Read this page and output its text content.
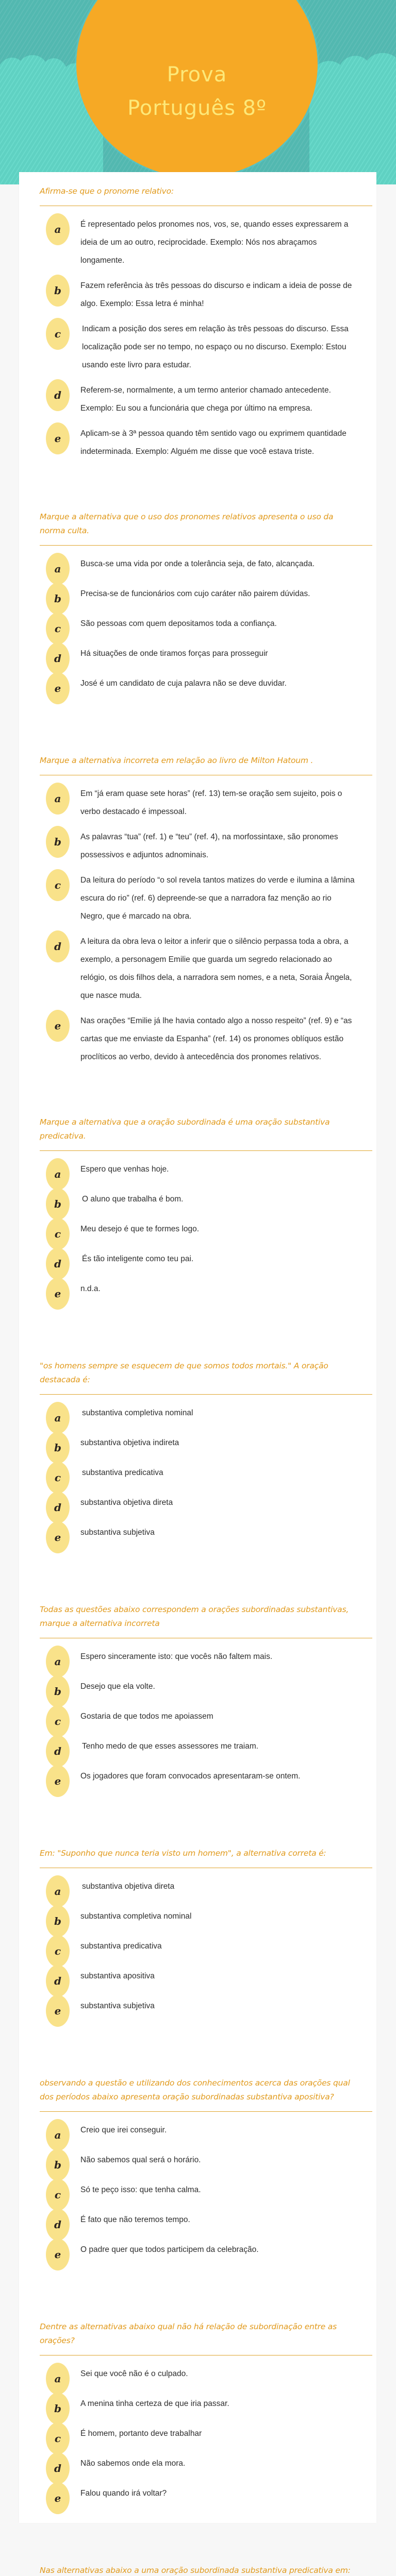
Prova
Português 8º
Afirma-se que o pronome relativo:
a	É representado pelos pronomes nos, vos, se, quando esses expressarem a ideia de um ao outro, reciprocidade. Exemplo: Nós nos abraçamos longamente.
b	Fazem referência às três pessoas do discurso e indicam a ideia de posse de algo. Exemplo: Essa letra é minha!
c	Indicam a posição dos seres em relação às três pessoas do discurso. Essa localização pode ser no tempo, no espaço ou no discurso. Exemplo: Estou usando este livro para estudar.
d	Referem-se, normalmente, a um termo anterior chamado antecedente. Exemplo: Eu sou a funcionária que chega por último na empresa.
e	Aplicam-se à 3ª pessoa quando têm sentido vago ou exprimem quantidade indeterminada. Exemplo: Alguém me disse que você estava triste.
Marque a alternativa que o uso dos pronomes relativos apresenta o uso da norma culta.
a	Busca-se uma vida por onde a tolerância seja, de fato, alcançada.
b	Precisa-se de funcionários com cujo caráter não pairem dúvidas.
c	São pessoas com quem depositamos toda a confiança.
d	Há situações de onde tiramos forças para prosseguir
e	José é um candidato de cuja palavra não se deve duvidar.
Marque a alternativa incorreta em relação ao livro de Milton Hatoum .
a	Em “já eram quase sete horas” (ref. 13) tem-se oração sem sujeito, pois o verbo destacado é impessoal.
b	As palavras “tua” (ref. 1) e “teu” (ref. 4), na morfossintaxe, são pronomes possessivos e adjuntos adnominais.
c	Da leitura do período “o sol revela tantos matizes do verde e ilumina a lâmina escura do rio” (ref. 6) depreende-se que a narradora faz menção ao rio Negro, que é marcado na obra.
d	A leitura da obra leva o leitor a inferir que o silêncio perpassa toda a obra, a exemplo, a personagem Emilie que guarda um segredo relacionado ao relógio, os dois filhos dela, a narradora sem nomes, e a neta, Soraia Ângela, que nasce muda.
e	Nas orações “Emilie já lhe havia contado algo a nosso respeito” (ref. 9) e “as cartas que me enviaste da Espanha” (ref. 14) os pronomes oblíquos estão proclíticos ao verbo, devido à antecedência dos pronomes relativos.
Marque a alternativa que a oração subordinada é uma oração substantiva predicativa.
a	Espero que venhas hoje.
b	O aluno que trabalha é bom.
c	Meu desejo é que te formes logo.
d	És tão inteligente como teu pai.
e	n.d.a.
"os homens sempre se esquecem de que somos todos mortais." A oração destacada é:
a	substantiva completiva nominal
b	substantiva objetiva indireta
c	substantiva predicativa
d	substantiva objetiva direta
e	substantiva subjetiva
Todas as questões abaixo correspondem a orações subordinadas substantivas, marque a alternativa incorreta
a	Espero sinceramente isto: que vocês não faltem mais.
b	Desejo que ela volte.
c	Gostaria de que todos me apoiassem
d	Tenho medo de que esses assessores me traiam.
e	Os jogadores que foram convocados apresentaram-se ontem.
Em: "Suponho que nunca teria visto um homem", a alternativa correta é:
a	substantiva objetiva direta
b	substantiva completiva nominal
c	substantiva predicativa
d	substantiva apositiva
e	substantiva subjetiva
observando a questão e utilizando dos conhecimentos acerca das orações qual dos períodos abaixo apresenta oração subordinadas substantiva apositiva?
a	Creio que irei conseguir.
b	Não sabemos qual será o horário.
c	Só te peço isso: que tenha calma.
d	É fato que não teremos tempo.
e	O padre quer que todos participem da celebração.
Dentre as alternativas abaixo qual não há relação de subordinação entre as orações?
a	Sei que você não é o culpado.
b	A menina tinha certeza de que iria passar.
c	É homem, portanto deve trabalhar
d	Não sabemos onde ela mora.
e	Falou quando irá voltar?
Nas alternativas abaixo a uma oração subordinada substantiva predicativa em:
